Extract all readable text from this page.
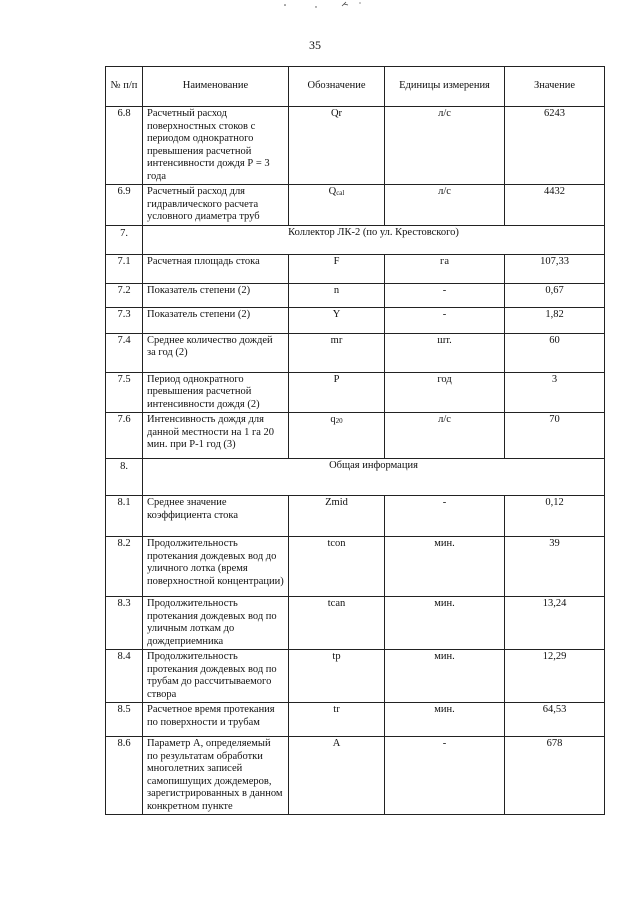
35
№ п/п	Наименование	Обозначение	Единицы измерения	Значение
6.8	Расчетный расход поверхностных стоков с периодом однократного превышения расчетной интенсивности дождя Р = 3 года	Qr	л/с	6243
6.9	Расчетный расход для гидравлического расчета условного диаметра труб	$Q_{cal}$	л/с	4432
7.	Коллектор ЛК-2 (по ул. Крестовского)			
7.1	Расчетная площадь стока	F	га	107,33
7.2	Показатель степени (2)	n	-	0,67
7.3	Показатель степени (2)	Y	-	1,82
7.4	Среднее количество дождей за год (2)	mr	шт.	60
7.5	Период однократного превышения расчетной интенсивности дождя (2)	P	год	3
7.6	Интенсивность дождя для данной местности на 1 га 20 мин. при Р-1 год (3)	$q_{20}$	л/с	70
8.	Общая информация			
8.1	Среднее значение коэффициента стока	Zmid	-	0,12
8.2	Продолжительность протекания дождевых вод до уличного лотка (время поверхностной концентрации)	tcon	мин.	39
8.3	Продолжительность протекания дождевых вод по уличным лоткам до дождеприемника	tcan	мин.	13,24
8.4	Продолжительность протекания дождевых вод по трубам до рассчитываемого створа	tp	мин.	12,29
8.5	Расчетное время протекания по поверхности и трубам	tr	мин.	64,53
8.6	Параметр А, определяемый по результатам обработки многолетних записей самопишущих дождемеров, зарегистрированных в данном конкретном пункте	A	-	678
